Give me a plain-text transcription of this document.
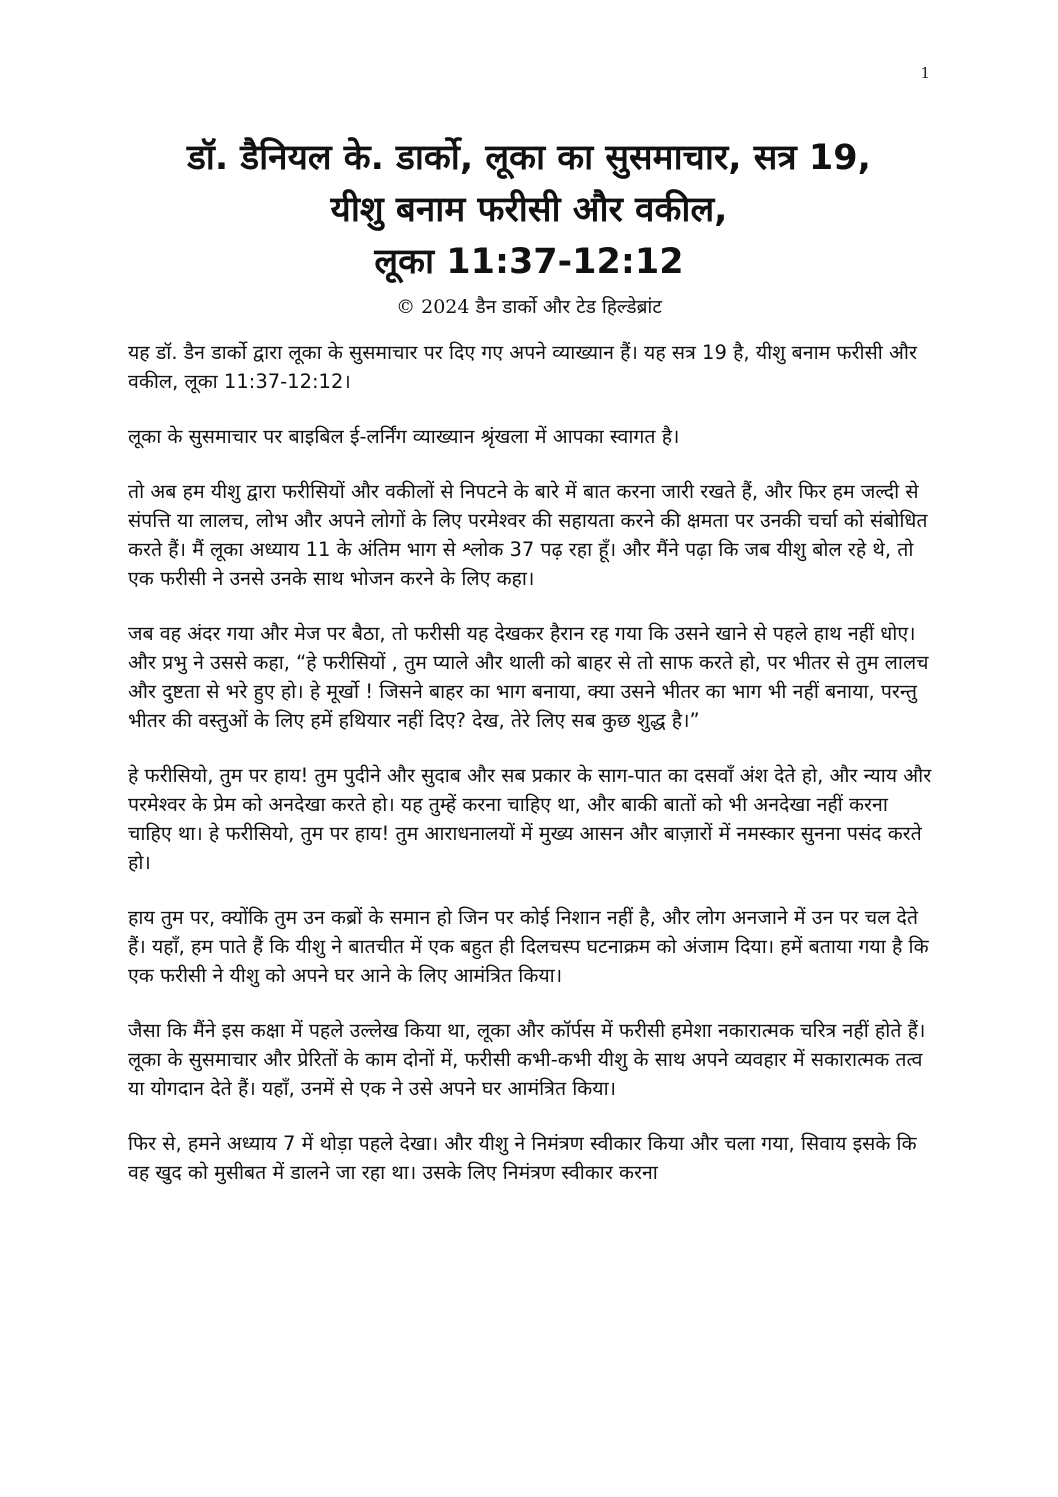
1
डॉ. डैनियल के. डार्को, लूका का सुसमाचार, सत्र 19,
यीशु बनाम फरीसी और वकील,
लूका 11:37-12:12
© 2024 डैन डार्को और टेड हिल्डेब्रांट

यह डॉ. डैन डार्को द्वारा लूका के सुसमाचार पर दिए गए अपने व्याख्यान हैं। यह सत्र 19 है, यीशु बनाम फरीसी और वकील, लूका 11:37-12:12।

लूका के सुसमाचार पर बाइबिल ई-लर्निंग व्याख्यान श्रृंखला में आपका स्वागत है।

तो अब हम यीशु द्वारा फरीसियों और वकीलों से निपटने के बारे में बात करना जारी रखते हैं, और फिर हम जल्दी से संपत्ति या लालच, लोभ और अपने लोगों के लिए परमेश्वर की सहायता करने की क्षमता पर उनकी चर्चा को संबोधित करते हैं। मैं लूका अध्याय 11 के अंतिम भाग से श्लोक 37 पढ़ रहा हूँ। और मैंने पढ़ा कि जब यीशु बोल रहे थे, तो एक फरीसी ने उनसे उनके साथ भोजन करने के लिए कहा।

जब वह अंदर गया और मेज पर बैठा, तो फरीसी यह देखकर हैरान रह गया कि उसने खाने से पहले हाथ नहीं धोए। और प्रभु ने उससे कहा, “हे फरीसियों , तुम प्याले और थाली को बाहर से तो साफ करते हो, पर भीतर से तुम लालच और दुष्टता से भरे हुए हो। हे मूर्खो ! जिसने बाहर का भाग बनाया, क्या उसने भीतर का भाग भी नहीं बनाया, परन्तु भीतर की वस्तुओं के लिए हमें हथियार नहीं दिए? देख, तेरे लिए सब कुछ शुद्ध है।”

हे फरीसियो, तुम पर हाय! तुम पुदीने और सुदाब और सब प्रकार के साग-पात का दसवाँ अंश देते हो, और न्याय और परमेश्वर के प्रेम को अनदेखा करते हो। यह तुम्हें करना चाहिए था, और बाकी बातों को भी अनदेखा नहीं करना चाहिए था। हे फरीसियो, तुम पर हाय! तुम आराधनालयों में मुख्य आसन और बाज़ारों में नमस्कार सुनना पसंद करते हो।

हाय तुम पर, क्योंकि तुम उन कब्रों के समान हो जिन पर कोई निशान नहीं है, और लोग अनजाने में उन पर चल देते हैं। यहाँ, हम पाते हैं कि यीशु ने बातचीत में एक बहुत ही दिलचस्प घटनाक्रम को अंजाम दिया। हमें बताया गया है कि एक फरीसी ने यीशु को अपने घर आने के लिए आमंत्रित किया।

जैसा कि मैंने इस कक्षा में पहले उल्लेख किया था, लूका और कॉर्पस में फरीसी हमेशा नकारात्मक चरित्र नहीं होते हैं। लूका के सुसमाचार और प्रेरितों के काम दोनों में, फरीसी कभी-कभी यीशु के साथ अपने व्यवहार में सकारात्मक तत्व या योगदान देते हैं। यहाँ, उनमें से एक ने उसे अपने घर आमंत्रित किया।

फिर से, हमने अध्याय 7 में थोड़ा पहले देखा। और यीशु ने निमंत्रण स्वीकार किया और चला गया, सिवाय इसके कि वह खुद को मुसीबत में डालने जा रहा था। उसके लिए निमंत्रण स्वीकार करना
